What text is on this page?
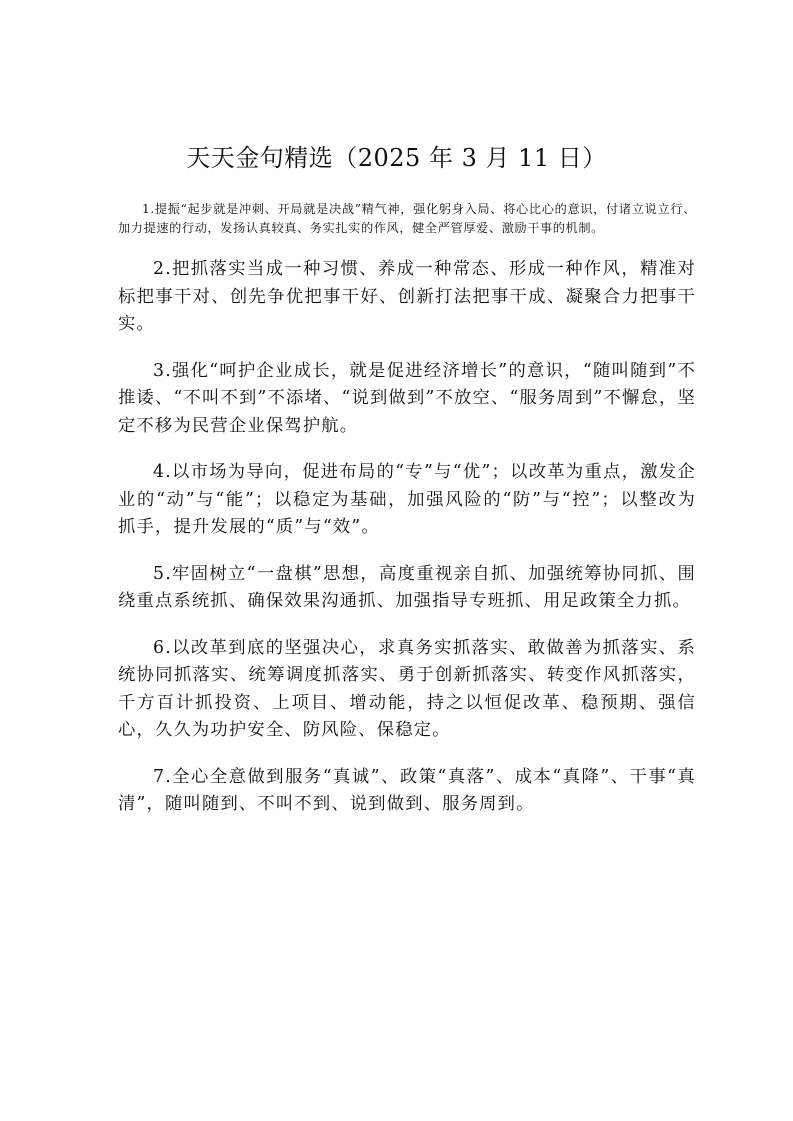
天天金句精选（2025 年 3 月 11 日）

1.提振“起步就是冲刺、开局就是决战”精气神，强化躬身入局、将心比心的意识，付诸立说立行、加力提速的行动，发扬认真较真、务实扎实的作风，健全严管厚爱、激励干事的机制。

2.把抓落实当成一种习惯、养成一种常态、形成一种作风，精准对标把事干对、创先争优把事干好、创新打法把事干成、凝聚合力把事干实。

3.强化“呵护企业成长，就是促进经济增长”的意识，“随叫随到”不推诿、“不叫不到”不添堵、“说到做到”不放空、“服务周到”不懈怠，坚定不移为民营企业保驾护航。

4.以市场为导向，促进布局的“专”与“优”；以改革为重点，激发企业的“动”与“能”；以稳定为基础，加强风险的“防”与“控”；以整改为抓手，提升发展的“质”与“效”。

5.牢固树立“一盘棋”思想，高度重视亲自抓、加强统筹协同抓、围绕重点系统抓、确保效果沟通抓、加强指导专班抓、用足政策全力抓。

6.以改革到底的坚强决心，求真务实抓落实、敢做善为抓落实、系统协同抓落实、统筹调度抓落实、勇于创新抓落实、转变作风抓落实，千方百计抓投资、上项目、增动能，持之以恒促改革、稳预期、强信心，久久为功护安全、防风险、保稳定。

7.全心全意做到服务“真诚”、政策“真落”、成本“真降”、干事“真清”，随叫随到、不叫不到、说到做到、服务周到。
